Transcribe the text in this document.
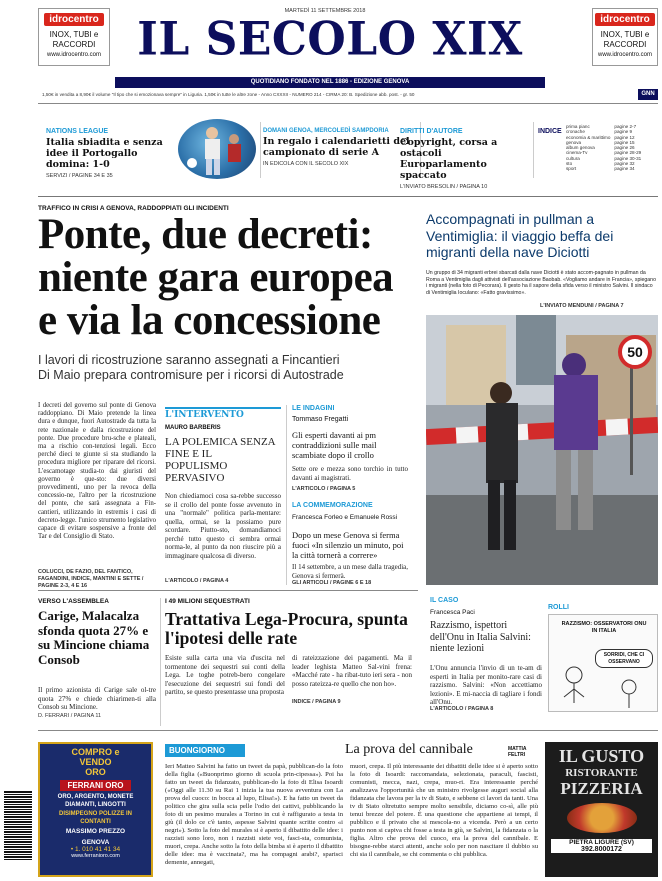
idrocentro
INOX, TUBI e
RACCORDI
www.idrocentro.com
MARTEDÌ 11 SETTEMBRE 2018
IL SECOLO XIX	idrocentro
INOX, TUBI e
RACCORDI
www.idrocentro.com
QUOTIDIANO FONDATO NEL 1886 - EDIZIONE GENOVA
1,50€ in vendita a 8,90€ il volume "Il tipo che si emozionava sempre" in Liguria. 1,50€ in tutte le altre zone - Anno CXXXII - NUMERO 214 - CIRMA 20: B. Spedizione abb. post. - gr. 50	GNN
NATIONS LEAGUE
Italia sbiadita e senza idee il Portogallo domina: 1-0
SERVIZI / PAGINE 34 E 35
DOMANI GENOA, MERCOLEDÌ SAMPDORIA
In regalo i calendarietti del campionato di serie A
IN EDICOLA CON IL SECOLO XIX
DIRITTI D'AUTORE
Copyright, corsa a ostacoli Europarlamento spaccato
L'INVIATO BRESOLIN / PAGINA 10
INDICE
prima pianc	pagine 2-7
cronache	pagine 9
economia & marittimo	pagine 12
genova	pagine 15
album genova	pagine 26
cinema-Tv	pagine 28-29
cultura	pagine 30-31
sto	pagine 32
sport	pagine 34
TRAFFICO IN CRISI A GENOVA, RADDOPPIATI GLI INCIDENTI
Ponte, due decreti:
niente gara europea
e via la concessione
I lavori di ricostruzione saranno assegnati a Fincantieri
Di Maio prepara contromisure per i ricorsi di Autostrade
I decreti del governo sul ponte di Genova raddoppiano. Di Maio pretende la linea dura e dunque, fuori Autostrade da tutta la rete nazionale e dalla ricostruzione del ponte. Due procedure bru-sche e plateali, ma a rischio con-tenziosi legali. Ecco perché dieci te giunte si sta studiando la procedura migliore per riparare del ricorsi. L'escamotage studia-to dai giuristi del governo è que-sto: due diversi provvedimenti, uno per la revoca della concessio-ne, l'altro per la ricostruzione del ponte, che sarà assegnata a Fin-cantieri, utilizzando in estremis i casi di decreto-legge. l'unico strumento legislativo capace di evitare sospensive a fronte del Tar e del Consiglio di Stato.
COLUCCI, DE FAZIO, DEL FANTICO, FAGANDINI, INDICE, MANTINI E SETTE / PAGINE 2-3, 4 E 16
L'INTERVENTO
MAURO BARBERIS
LA POLEMICA SENZA FINE E IL POPULISMO PERVASIVO
Non chiediamoci cosa sa-rebbe successo se il crollo del ponte fosse avvenuto in una "normale" politica parla-mentare: quella, ormai, se la possiamo pure scordare. Piutto-sto, domandiamoci perché tutto questo ci sembra ormai norma-le, al punto da non riuscire più a immaginare qualcosa di diverso.
L'ARTICOLO / PAGINA 4
LE INDAGINI
Tommaso Fregatti
Gli esperti davanti ai pm contraddizioni sulle mail scambiate dopo il crollo
Sette ore e mezza sono torchio in tutto davanti ai magistrati.
L'ARTICOLO / PAGINA 5
LA COMMEMORAZIONE
Francesca Forleo e Emanuele Rossi
Dopo un mese Genova si ferma fuoci «In silenzio un minuto, poi la città tornerà a correre»
Il 14 settembre, a un mese dalla tragedia, Genova si fermerà.
GLI ARTICOLI / PAGINE 6 E 18
Accompagnati in pullman a Ventimiglia: il viaggio beffa dei migranti della nave Diciotti
Un gruppo di 34 migranti erbrei sbarcati dalla nave Diciotti è stato accom-pagnato in pullman da Roma a Ventimiglia dagli attivisti dell'associazione Baobab. «Vogliamo andare in Francia», spiegano i migranti (nella foto di Pecorara). Il gesto ha il sapore della sfida verso il ministro Salvini. Il sindaco di Ventimiglia Ioculano: «Fatto gravissimo».
L'INVIATO MENDUNI / PAGINA 7
50
VERSO L'ASSEMBLEA
Carige, Malacalza sfonda quota 27% e su Mincione chiama Consob
Il primo azionista di Carige sale ol-tre quota 27% e chiede chiarimen-ti alla Consob su Mincione.
D. FERRARI / PAGINA 11
I 49 MILIONI SEQUESTRATI
Trattativa Lega-Procura, spunta l'ipotesi delle rate
Esiste sulla carta una via d'uscita nel tormentone dei sequestri sui conti della Lega. Le toghe potreb-bero congelare l'esecuzione dei sequestri sui fondi del partito, se questo presentasse una proposta
di rateizzazione dei pagamenti. Ma il leader leghista Matteo Sal-vini frena: «Macché rate - ha ribat-tuto ieri sera - non posso rateizza-re quello che non ho».
INDICE / PAGINA 9
IL CASO
Francesca Paci
Razzismo, ispettori dell'Onu in Italia Salvini: niente lezioni
L'Onu annuncia l'invio di un te-am di esperti in Italia per monito-rare casi di razzismo. Salvini: «Non accettiamo lezioni». E mi-naccia di tagliare i fondi all'Onu.
L'ARTICOLO / PAGINA 8
ROLLI
RAZZISMO: OSSERVATORI ONU IN ITALIA
SORRIDI, CHE CI OSSERVANO
COMPRO e
VENDO
ORO
FERRANI ORO
ORO, ARGENTO, MONETE DIAMANTI, LINGOTTI
DISIMPEGNO POLIZZE IN CONTANTI
MASSIMO PREZZO
GENOVA
• 1. 010 41 41 34
www.ferranioro.com
BUONGIORNO	La prova del cannibale	MATTIA FELTRI
Ieri Matteo Salvini ha fatto un tweet da papà, pubblican-do la foto della figlia («Buonprimo giorno di scuola prin-cipessa»). Poi ha fatto un tweet da fidanzato, pubblican-do la foto di Elisa Isoardi («Oggi alle 11.30 su Rai 1 inizia la tua nuova avventura con La prova del cuoco: in bocca al lupo, Elisa!»). E ha fatto un tweet da politico che gira sulla scia pelle l'odio dei cattivi, pubblicando la foto di un pesimo murales a Torino in cui è raffigurato a testa in giù (il dolo ce c'è tanto, aspesse Salvini quante scritte contro «i negri»). Sotto la foto del murales si è aperto il dibattito delle idee: i razzisti sono loro, non i razzisti siete voi, fasci-sta, comunista, muori, crepa. Anche sotto la foto della bimba si è aperto il dibattito delle idee: ma è vaccinata?, ma ha compagni arabi?, sparisci demente, annegati,
muori, crepa. Il più interessante dei dibattiti delle idee si è aperto sotto la foto di Isoardi: raccomandata, selezionata, paraculi, fascisti, comunisti, mecca, nazi, crepa, muo-ri. Era interessante perché analizzava l'opportunità che un ministro rivolgesse auguri social alla fidanzata che lavora per la tv di Stato, e sebbene ci lavori da tanti. Una tv di Stato oltretutto sempre molto sensibile, diciamo co-sì, alle più tenui brezze del potere. È una questione che appartiene ai tempi, il pubblico e il privato che si mescola-no a vicenda. Però a un certo punto non si capiva chi fosse a testa in giù, se Salvini, la fidanzata o la figlia. Altro che prova del cuoco, era la prova del cannibale. E bisogne-rebbe starci attenti, anche solo per non nascitare il dubbio su chi sia il cannibale, se chi commenta o chi pubblica.
IL GUSTO
RISTORANTE
PIZZERIA
PIETRA LIGURE (SV)
392.8000172
